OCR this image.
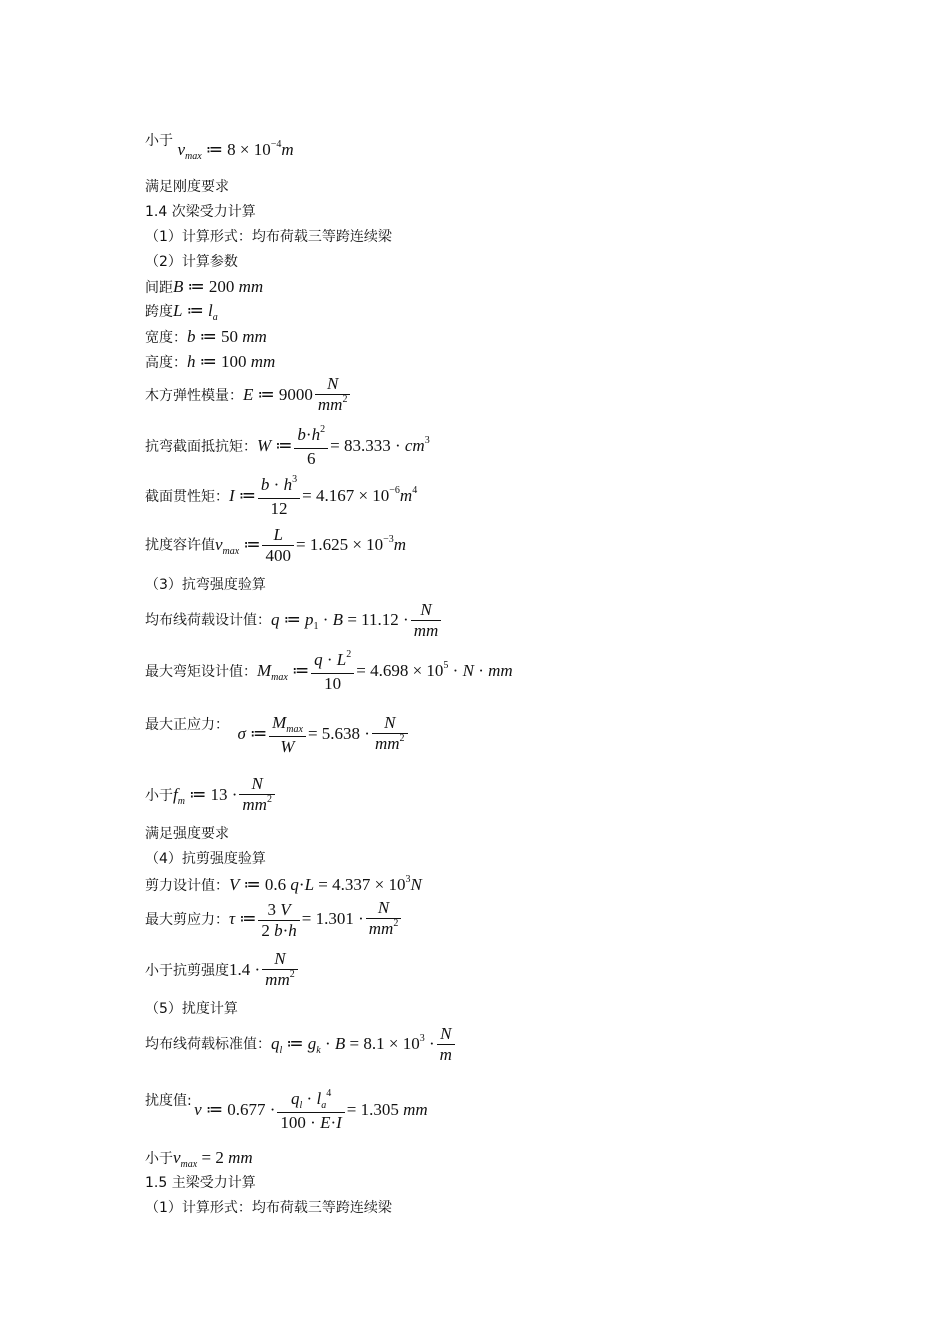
小于 $v_{max}$ ≔ $8 \times 10^{-4}m$
满足刚度要求
1.4 次梁受力计算
（1）计算形式：均布荷载三等跨连续梁
（2）计算参数
间距B ≔ 200 mm
跨度L ≔ $l_a$
宽度：b ≔ 50 mm
高度：h ≔ 100 mm
木方弹性模量：E ≔ $9000 \frac{N}{mm^2}$
抗弯截面抵抗矩：W ≔ $\frac{b\cdot h^2}{6} = 83.333 \cdot cm^3$
截面贯性矩：I ≔ $\frac{b \cdot h^3}{12} = 4.167 \times 10^{-6}m^4$
扰度容许值$v_{max}$ ≔ $\frac{L}{400} = 1.625 \times 10^{-3}m$
（3）抗弯强度验算
均布线荷载设计值：q ≔ $p_1 \cdot B = 11.12 \cdot \frac{N}{mm}$
最大弯矩设计值：$M_{max}$ ≔ $\frac{q \cdot L^2}{10} = 4.698 \times 10^5 \cdot N$ · mm
最大正应力： σ ≔ $\frac{M_{max}}{W} = 5.638 \cdot \frac{N}{mm^2}$
小于$f_m$ ≔ $13 \cdot \frac{N}{mm^2}$
满足强度要求
（4）抗剪强度验算
剪力设计值：V ≔ 0.6 $q\cdot L = 4.337 \times 10^3N$
最大剪应力：τ ≔ $\frac{3 V}{2 b\cdot h} = 1.301 \cdot \frac{N}{mm^2}$
小于抗剪强度$1.4 \cdot \frac{N}{mm^2}$
（5）扰度计算
均布线荷载标准值：$q_l$ ≔ $g_k \cdot B = 8.1 \times 10^3 \cdot \frac{N}{m}$
扰度值: v ≔ $0.677 \cdot \frac{q_l \cdot l_a^4}{100 \cdot E\cdot I} = 1.305$ mm
小于$v_{max} = 2$ mm
1.5 主梁受力计算
（1）计算形式：均布荷载三等跨连续梁
